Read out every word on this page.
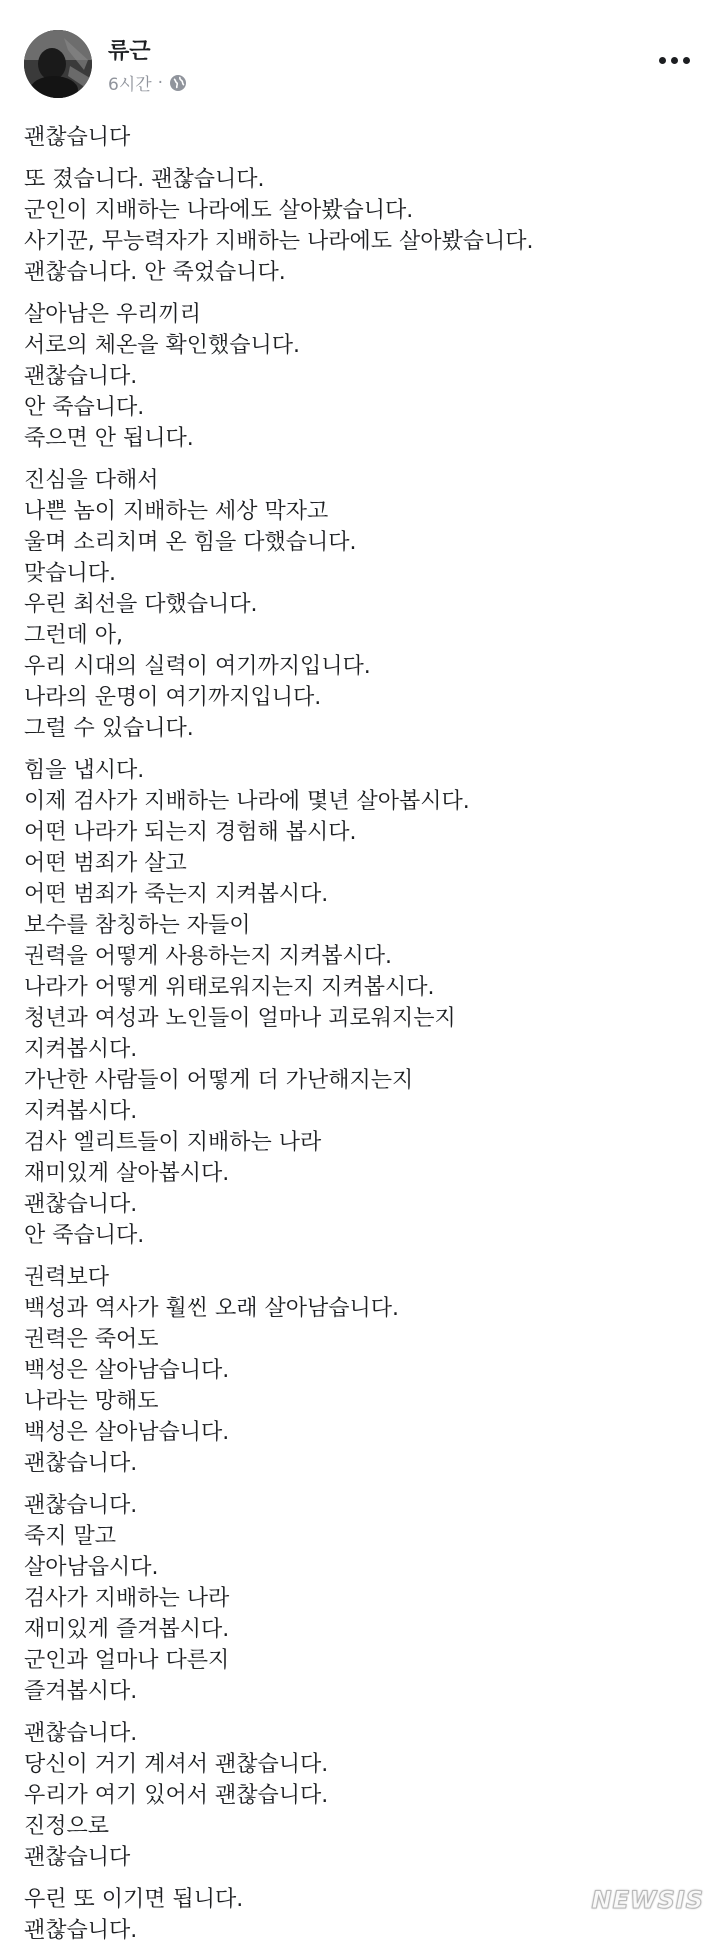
류근
6시간 ·
괜찮습니다
또 졌습니다. 괜찮습니다.
군인이 지배하는 나라에도 살아봤습니다.
사기꾼, 무능력자가 지배하는 나라에도 살아봤습니다.
괜찮습니다. 안 죽었습니다.
살아남은 우리끼리
서로의 체온을 확인했습니다.
괜찮습니다.
안 죽습니다.
죽으면 안 됩니다.
진심을 다해서
나쁜 놈이 지배하는 세상 막자고
울며 소리치며 온 힘을 다했습니다.
맞습니다.
우린 최선을 다했습니다.
그런데 아,
우리 시대의 실력이 여기까지입니다.
나라의 운명이 여기까지입니다.
그럴 수 있습니다.
힘을 냅시다.
이제 검사가 지배하는 나라에 몇년 살아봅시다.
어떤 나라가 되는지 경험해 봅시다.
어떤 범죄가 살고
어떤 범죄가 죽는지 지켜봅시다.
보수를 참칭하는 자들이
권력을 어떻게 사용하는지 지켜봅시다.
나라가 어떻게 위태로워지는지 지켜봅시다.
청년과 여성과 노인들이 얼마나 괴로워지는지
지켜봅시다.
가난한 사람들이 어떻게 더 가난해지는지
지켜봅시다.
검사 엘리트들이 지배하는 나라
재미있게 살아봅시다.
괜찮습니다.
안 죽습니다.
권력보다
백성과 역사가 훨씬 오래 살아남습니다.
권력은 죽어도
백성은 살아남습니다.
나라는 망해도
백성은 살아남습니다.
괜찮습니다.
괜찮습니다.
죽지 말고
살아남읍시다.
검사가 지배하는 나라
재미있게 즐겨봅시다.
군인과 얼마나 다른지
즐겨봅시다.
괜찮습니다.
당신이 거기 계셔서 괜찮습니다.
우리가 여기 있어서 괜찮습니다.
진정으로
괜찮습니다
우린 또 이기면 됩니다.
괜찮습니다.
NEWSIS
